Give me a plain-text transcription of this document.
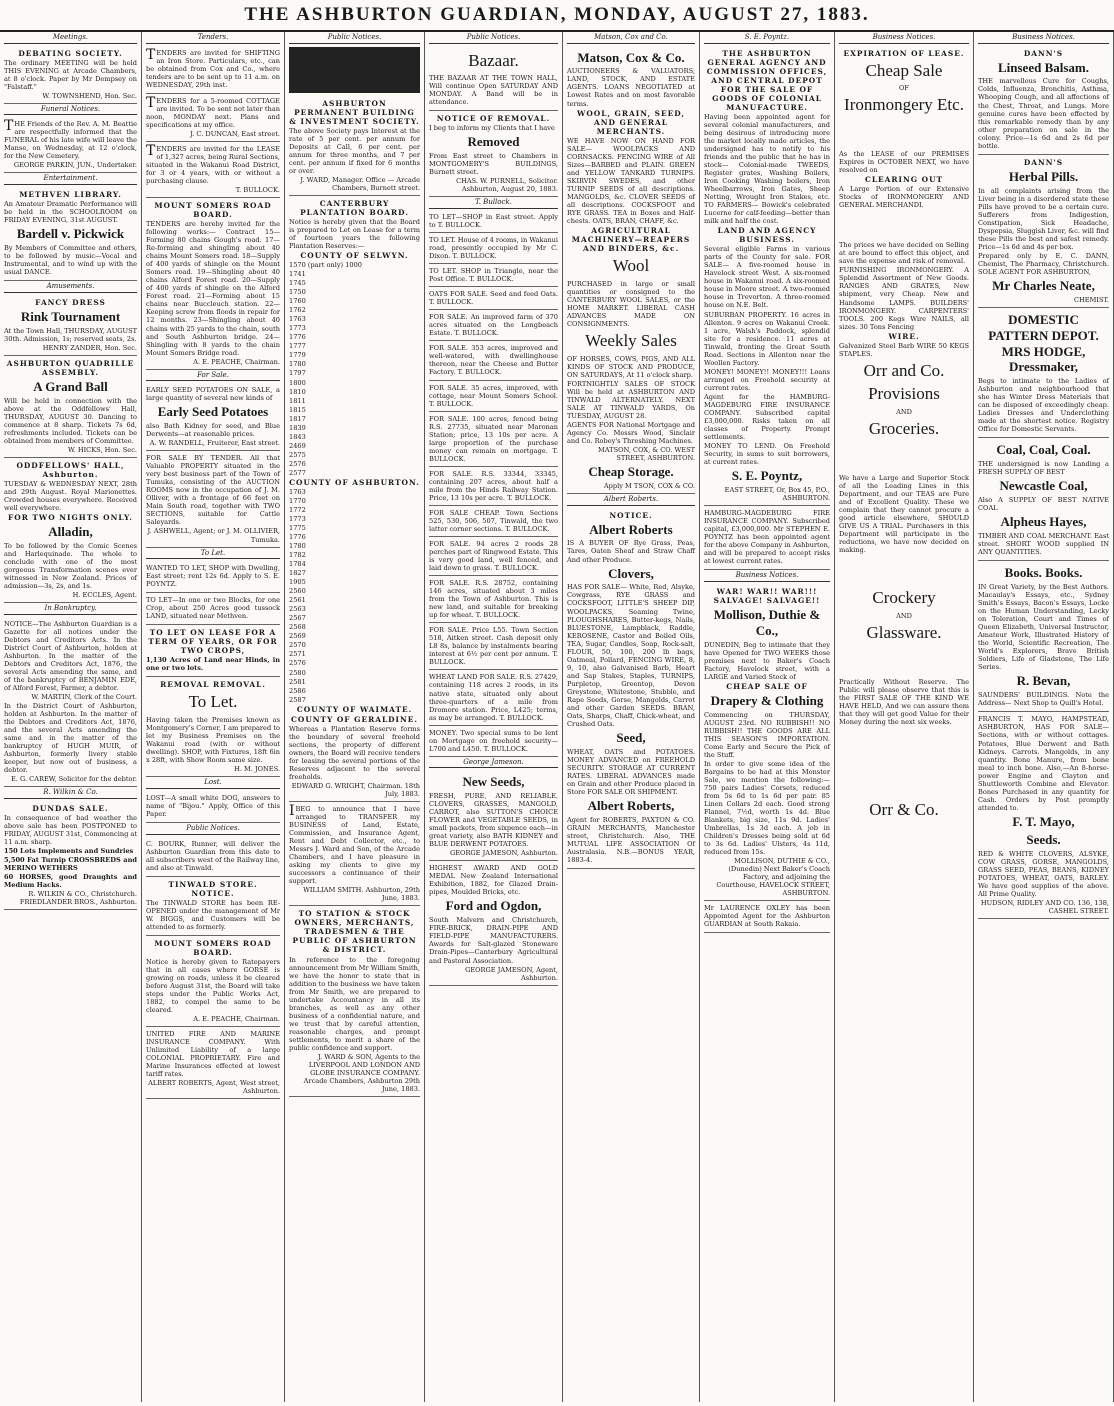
THE ASHBURTON GUARDIAN, MONDAY, AUGUST 27, 1883.
Meetings.
DEBATING SOCIETY.
The ordinary MEETING will be held THIS EVENING at Arcade Chambers, at 8 o'clock. Paper by Mr Dempsey on "Falstaff."
W. TOWNSHEND, Hon. Sec.
Funeral Notices.
THE Friends of the Rev. A. M. Beattie are respectfully informed that the FUNERAL of his late wife will leave the Manse, on Wednesday, at 12 o'clock, for the New Cemetery.
GEORGE PARKIN, JUN., Undertaker.
Entertainment.
METHVEN LIBRARY.
An Amateur Dramatic Performance will be held in the SCHOOLROOM on FRIDAY EVENING, 31st AUGUST.
Bardell v. Pickwick
By Members of Committee and others, to be followed by music—Vocal and Instrumental, and to wind up with the usual DANCE.
Amusements.
FANCY DRESS
Rink Tournament
At the Town Hall, THURSDAY, AUGUST 30th. Admission, 1s; reserved seats, 2s.
HENRY ZANDER, Hon. Sec.
ASHBURTON QUADRILLE ASSEMBLY.
A Grand Ball
Will be held in connection with the above at the Oddfellows' Hall, THURSDAY, AUGUST 30. Dancing to commence at 8 sharp. Tickets 7s 6d, refreshments included. Tickets can be obtained from members of Committee.
W. HICKS, Hon. Sec.
ODDFELLOWS' HALL, Ashburton.
TUESDAY & WEDNESDAY NEXT, 28th and 29th August. Royal Marionettes. Crowded houses everywhere. Received well everywhere.
FOR TWO NIGHTS ONLY.
Alladin,
To be followed by the Comic Scenes and Harlequinade. The whole to conclude with one of the most gorgeous Transformation scenes ever witnessed in New Zealand. Prices of admission—3s, 2s, and 1s.
H. ECCLES, Agent.
In Bankruptcy.
NOTICE—The Ashburton Guardian is a Gazette for all notices under the Debtors and Creditors Acts. In the District Court of Ashburton, holden at Ashburton. In the matter of the Debtors and Creditors Act, 1876, the several Acts amending the same, and of the bankruptcy of BENJAMIN EDE, of Alford Forest, Farmer, a debtor.
W. MARTIN, Clerk of the Court.
In the District Court of Ashburton, holden at Ashburton. In the matter of the Debtors and Creditors Act, 1876, and the several Acts amending the same and in the matter of the bankruptcy of HUGH MUIR, of Ashburton, formerly livery stable keeper, but now out of business, a debtor.
E. G. CAREW, Solicitor for the debtor.
R. Wilkin & Co.
DUNDAS SALE.
In consequence of bad weather the above sale has been POSTPONED to FRIDAY, AUGUST 31st, Commencing at 11 a.m. sharp.
150 Lots Implements and Sundries
5,500 Fat Turnip CROSSBREDS and MERINO WETHERS
60 HORSES, good Draughts and Medium Hacks.
R. WILKIN & CO., Christchurch. FRIEDLANDER BROS., Ashburton.
Tenders.
TENDERS are invited for SHIFTING an Iron Store. Particulars, etc., can be obtained from Cox and Co., where tenders are to be sent up to 11 a.m. on WEDNESDAY, 29th inst.
TENDERS for a 5-roomed COTTAGE are invited. To be sent not later than noon, MONDAY next. Plans and specifications at my office.
J. C. DUNCAN, East street.
TENDERS are invited for the LEASE of 1,327 acres, being Rural Sections, situated in the Wakanui Road District, for 3 or 4 years, with or without a purchasing clause.
T. BULLOCK.
MOUNT SOMERS ROAD BOARD.
TENDERS are hereby invited for the following works:— Contract 15—Forming 80 chains Gough's road. 17—Re-forming and shingling about 40 chains Mount Somers road. 18—Supply of 400 yards of shingle on the Mount Somers road. 19—Shingling about 40 chains Alford Forest road. 20—Supply of 400 yards of shingle on the Alford Forest road. 21—Forming about 15 chains near Buccleuch station. 22—Keeping screw from floods in repair for 12 months. 23—Shingling about 40 chains with 25 yards to the chain, south and South Ashburton bridge. 24—Shingling with 8 yards to the chain Mount Somers Bridge road.
A. E. PEACHE, Chairman.
For Sale.
EARLY SEED POTATOES ON SALE, a large quantity of several new kinds of
Early Seed Potatoes
also Bath Kidney for seed, and Blue Derwents—at reasonable prices.
A. W. RANDELL, Fruiterer, East street.
FOR SALE BY TENDER. All that Valuable PROPERTY situated in the very best business part of the Town of Tumuka, consisting of the AUCTION ROOMS now in the occupation of J. M. Olliver, with a frontage of 66 feet on Main South road, together with TWO SECTIONS, suitable for Cattle Saleyards.
J. ASHWELL, Agent; or J. M. OLLIVIER, Tumuka.
To Let.
WANTED TO LET, SHOP with Dwelling, East street; rent 12s 6d. Apply to S. E. POYNTZ.
TO LET—In one or two Blocks, for one Crop, about 250 Acres good tussock LAND, situated near Methven.
TO LET ON LEASE FOR A TERM OF YEARS, OR FOR TWO CROPS,
1,130 Acres of Land near Hinds, in one or two lots.
REMOVAL REMOVAL.
To Let.
Having taken the Premises known as Montgomery's Corner, I am prepared to let my Business Premises on the Wakanui road (with or without dwelling). SHOP, with Fixtures, 18ft 6in x 28ft, with Show Room same size.
H. M. JONES.
Lost.
LOST—A small white DOG, answers to name of "Bijou." Apply, Office of this Paper.
Public Notices.
C. BOURK, Runner, will deliver the Ashburton Guardian from this date to all subscribers west of the Railway line, and also at Tinwald.
TINWALD STORE. NOTICE.
The TINWALD STORE has been RE-OPENED under the management of Mr W. BIGGS, and Customers will be attended to as formerly.
MOUNT SOMERS ROAD BOARD.
Notice is hereby given to Ratepayers that in all cases where GORSE is growing on roads, unless it be cleared before August 31st, the Board will take steps under the Public Works Act, 1882, to compel the same to be cleared.
A. E. PEACHE, Chairman.
UNITED FIRE AND MARINE INSURANCE COMPANY. With Unlimited Liability of a large COLONIAL PROPRIETARY. Fire and Marine Insurances effected at lowest tariff rates.
ALBERT ROBERTS, Agent, West street, Ashburton.
Public Notices.
ASHBURTON PERMANENT BUILDING & INVESTMENT SOCIETY.
The above Society pays Interest at the rate of 5 per cent. per annum for Deposits at Call, 6 per cent. per annum for three months, and 7 per cent. per annum if fixed for 6 months or over.
J. WARD, Manager. Office — Arcade Chambers, Burnett street.
CANTERBURY PLANTATION BOARD.
Notice is hereby given that the Board is prepared to Let on Lease for a term of fourteen years the following Plantation Reserves:—
COUNTY OF SELWYN.
1570 (part only) 1000
1741
1745
1750
1760
1762
1763
1773
1776
1777
1779
1780
1797
1800
1810
1811
1815
1817
1839
1843
2469
2575
2576
2577
COUNTY OF ASHBURTON.
1763
1770
1772
1773
1775
1776
1780
1782
1784
1827
1905
2560
2561
2563
2567
2568
2569
2570
2571
2576
2580
2581
2586
2587
COUNTY OF WAIMATE.
COUNTY OF GERALDINE.
Whereas a Plantation Reserve forms the boundary of several freehold sections, the property of different owners, the Board will receive tenders for leasing the several portions of the Reserves adjacent to the several freeholds.
EDWARD G. WRIGHT, Chairman. 18th July, 1883.
IBEG to announce that I have arranged to TRANSFER my BUSINESS of Land, Estate, Commission, and Insurance Agent, Rent and Debt Collector, etc., to Messrs J. Ward and Son, of the Arcade Chambers, and I have pleasure in asking my clients to give my successors a continuance of their support.
WILLIAM SMITH. Ashburton, 29th June, 1883.
TO STATION & STOCK OWNERS, MERCHANTS, TRADESMEN & THE PUBLIC OF ASHBURTON & DISTRICT.
In reference to the foregoing announcement from Mr William Smith, we have the honor to state that in addition to the business we have taken from Mr Smith, we are prepared to undertake Accountancy in all its branches, as well as any other business of a confidential nature, and we trust that by careful attention, reasonable charges, and prompt settlements, to merit a share of the public confidence and support.
J. WARD & SON, Agents to the LIVERPOOL AND LONDON AND GLOBE INSURANCE COMPANY. Arcade Chambers, Ashburton 29th June, 1883.
Public Notices.
Bazaar.
THE BAZAAR AT THE TOWN HALL, Will continue Open SATURDAY AND MONDAY. A Band will be in attendance.
NOTICE OF REMOVAL.
I beg to inform my Clients that I have
Removed
From East street to Chambers in MONTGOMERY'S BUILDINGS, Burnett street.
CHAS. W. PURNELL, Solicitor. Ashburton, August 20, 1883.
T. Bullock.
TO LET—SHOP in East street. Apply to T. BULLOCK.
TO LET. House of 4 rooms, in Wakanui road, presently occupied by Mr C. Dixon. T. BULLOCK.
TO LET. SHOP in Triangle, near the Post Office. T. BULLOCK.
OATS FOR SALE. Seed and feed Oats. T. BULLOCK.
FOR SALE. An improved farm of 370 acres situated on the Longbeach Estate. T. BULLOCK.
FOR SALE. 353 acres, improved and well-watered, with dwellinghouse thereon, near the Cheese and Butter Factory. T. BULLOCK.
FOR SALE. 35 acres, improved, with cottage, near Mount Somers School. T. BULLOCK.
FOR SALE. 100 acres, fenced being R.S. 27735, situated near Maronan Station; price, 13 10s per acre. A large proportion of the purchase money can remain on mortgage. T. BULLOCK.
FOR SALE. R.S. 33344, 33345, containing 207 acres, about half a mile from the Hinds Railway Station. Price, 13 10s per acre. T. BULLOCK.
FOR SALE CHEAP. Town Sections 525, 530, 506, 507, Tinwald, the two latter corner sections. T. BULLOCK.
FOR SALE. 94 acres 2 roods 28 perches part of Ringwood Estate. This is very good land, well fenced, and laid down to grass. T. BULLOCK.
FOR SALE. R.S. 28752, containing 146 acres, situated about 3 miles from the Town of Ashburton. This is new land, and suitable for breaking up for wheat. T. BULLOCK.
FOR SALE. Price L55. Town Section 518, Aitken street. Cash deposit only L8 8s, balance by instalments bearing interest at 6½ per cent per annum. T. BULLOCK.
WHEAT LAND FOR SALE. R.S. 27429, containing 118 acres 2 roods, in its native state, situated only about three-quarters of a mile from Dromore station. Price, L425; terms, as may be arranged. T. BULLOCK.
MONEY. Two special sums to be lent on Mortgage on freehold security—L700 and L450. T. BULLOCK.
George Jameson.
New Seeds,
FRESH, PURE, AND RELIABLE. CLOVERS, GRASSES, MANGOLD, CARROT, also SUTTON'S CHOICE FLOWER and VEGETABLE SEEDS, in small packets, from sixpence each—in great variety, also BATH KIDNEY and BLUE DERWENT POTATOES.
GEORGE JAMESON, Ashburton.
HIGHEST AWARD AND GOLD MEDAL New Zealand International Exhibition, 1882, for Glazed Drain-pipes, Moulded Bricks, etc.
Ford and Ogdon,
South Malvern and Christchurch, FIRE-BRICK, DRAIN-PIPE AND FIELD-PIPE MANUFACTURERS. Awards for Salt-glazed Stoneware Drain-Pipes—Canterbury Agricultural and Pastoral Association.
GEORGE JAMESON, Agent, Ashburton.
Matson, Cox and Co.
Matson, Cox & Co.
AUCTIONEERS & VALUATORS, LAND, STOCK, AND ESTATE AGENTS. LOANS NEGOTIATED at Lowest Rates and on most favorable terms.
WOOL, GRAIN, SEED, AND GENERAL MERCHANTS.
WE HAVE NOW ON HAND FOR SALE— WOOLPACKS AND CORNSACKS. FENCING WIRE of All Sizes—BARBED and PLAIN. GREEN and YELLOW TANKARD TURNIPS. SKIRVIN SWEDES, and other TURNIP SEEDS of all descriptions. MANGOLDS, &c. CLOVER SEEDS of all descriptions. COCKSFOOT and RYE GRASS. TEA in Boxes and Half-chests. OATS, BRAN, CHAFF, &c.
AGRICULTURAL MACHINERY—REAPERS AND BINDERS, &c.
Wool
PURCHASED in large or small quantities or consigned to the CANTERBURY WOOL SALES, or the HOME MARKET. LIBERAL CASH ADVANCES MADE ON CONSIGNMENTS.
Weekly Sales
OF HORSES, COWS, PIGS, AND ALL KINDS OF STOCK AND PRODUCE, ON SATURDAYS, At 11 o'clock sharp.
FORTNIGHTLY SALES OF STOCK Will be held at ASHBURTON AND TINWALD ALTERNATELY. NEXT SALE AT TINWALD YARDS, On TUESDAY, AUGUST 28.
AGENTS FOR National Mortgage and Agency Co. Messrs Wood, Sinclair and Co. Robey's Threshing Machines.
MATSON, COX, & CO. WEST STREET, ASHBURTON.
Cheap Storage.
Apply M TSON, COX & CO.
Albert Roberts.
NOTICE.
Albert Roberts
IS A BUYER OF Rye Grass, Peas, Tares, Oaten Sheaf and Straw Chaff And other Produce.
Clovers,
HAS FOR SALE— White, Red, Alsyke, Cowgrass, RYE GRASS and COCKSFOOT, LITTLE'S SHEEP DIP, WOOLPACKS, Seaming Twine, PLOUGHSHARES, Butter-kegs, Nails, BLUESTONE, Lampblack, Raddle, KEROSENE, Castor and Boiled Oils, TEA, Sugar, Candles, Soap, Rock-salt, FLOUR, 50, 100, 200 lb bags, Oatmeal, Pollard, FENCING WIRE, 8, 9, 10, also Galvanised Barb, Heart and Sap Stakes, Staples, TURNIPS, Purpletop, Greentop, Devon Greystone, Whitestone, Stubble, and Rape Seeds, Gorse, Mangolds, Carrot and other Garden SEEDS. BRAN, Oats, Sharps, Chaff, Chick-wheat, and Crushed Oats.
Seed,
WHEAT, OATS and POTATOES. MONEY ADVANCED on FREEHOLD SECURITY. STORAGE AT CURRENT RATES. LIBERAL ADVANCES made on Grain and other Produce placed in Store FOR SALE OR SHIPMENT.
Albert Roberts,
Agent for ROBERTS, PAXTON & CO. GRAIN MERCHANTS, Manchester street, Christchurch. Also, THE MUTUAL LIFE ASSOCIATION Of Australasia. N.B.—BONUS YEAR, 1883-4.
S. E. Poyntz.
THE ASHBURTON GENERAL AGENCY AND COMMISSION OFFICES, AND CENTRAL DEPOT FOR THE SALE OF GOODS OF COLONIAL MANUFACTURE.
Having been appointed agent for several colonial manufacturers, and being desirous of introducing more the market locally made articles, the undersigned has to notify to his friends and the public that he has in stock— Colonial-made TWEEDS, Register grates, Washing Boilers, Iron Cooking Washing boilers, Iron Wheelbarrows, Iron Gates, Sheep Netting, Wrought Iron Stakes, etc. TO FARMERS— Bowick's celebrated Lucerne for calf-feeding—better than milk and half the cost.
LAND AND AGENCY BUSINESS.
Several eligible Farms in various parts of the County for sale. FOR SALE— A five-roomed house in Havelock street West. A six-roomed house in Wakanui road. A six-roomed house in Moore street. A two-roomed house in Trevorton. A three-roomed house on N.E. Belt.
SUBURBAN PROPERTY. 16 acres in Allenton. 9 acres on Wakanui Creek. 1 acre, Walsh's Paddock, splendid site for a residence. 11 acres at Tinwald, fronting the Great South Road. Sections in Allenton near the Woollen Factory.
MONEY! MONEY!! MONEY!!! Loans arranged on Freehold security at current rates.
Agent for the HAMBURG-MAGDEBURG FIRE INSURANCE COMPANY. Subscribed capital £3,000,000. Risks taken on all classes of Property. Prompt settlements.
MONEY TO LEND. On Freehold Security, in sums to suit borrowers, at current rates.
S. E. Poyntz,
EAST STREET, Or, Box 45, P.O., ASHBURTON.
HAMBURG-MAGDEBURG FIRE INSURANCE COMPANY. Subscribed capital, £3,000,000. Mr STEPHEN E. POYNTZ has been appointed agent for the above Company in Ashburton, and will be prepared to accept risks at lowest current rates.
Business Notices.
WAR! WAR!! WAR!!! SALVAGE! SALVAGE!!
Mollison, Duthie & Co.,
DUNEDIN, Beg to intimate that they have Opened for TWO WEEKS those premises next to Baker's Coach Factory, Havelock street, with a LARGE and Varied Stock of
CHEAP SALE OF
Drapery & Clothing
Commencing on THURSDAY, AUGUST 23rd. NO RUBBISH!! NO RUBBISH!! THE GOODS ARE ALL THIS SEASON'S IMPORTATION. Come Early and Secure the Pick of the Stuff.
In order to give some idea of the Bargains to be had at this Monster Sale, we mention the following:— 750 pairs Ladies' Corsets, reduced from 5s 6d to 1s 6d per pair. 85 Linen Collars 2d each. Good strong Flannel, 7½d, worth 1s 4d. Blue Blankets, big size, 11s 9d. Ladies' Umbrellas, 1s 3d each. A job in Children's Dresses being sold at 6d to 3s 6d. Ladies' Ulsters, 4s 11d, reduced from 15s.
MOLLISON, DUTHIE & CO., (Dunedin) Next Baker's Coach Factory, and adjoining the Courthouse, HAVELOCK STREET, ASHBURTON.
Mr LAURENCE OXLEY has been Appointed Agent for the Ashburton GUARDIAN at South Rakaia.
Business Notices.
EXPIRATION OF LEASE.
Cheap Sale
OF
Ironmongery Etc.
As the LEASE of our PREMISES Expires in OCTOBER NEXT, we have resolved on
CLEARING OUT
A Large Portion of our Extensive Stocks of IRONMONGERY AND GENERAL MERCHANDI.
The prices we have decided on Selling at are bound to effect this object, and save the expense and risk of removal.
FURNISHING IRONMONGERY. A Splendid Assortment of New Goods. RANGES AND GRATES, New shipment, very Cheap. New and Handsome LAMPS. BUILDERS' IRONMONGERY. CARPENTERS' TOOLS. 200 Kegs Wire NAILS, all sizes. 30 Tons Fencing
WIRE.
Galvanized Steel Barb WIRE 50 KEGS STAPLES.
Orr and Co.
Provisions
AND
Groceries.
We have a Large and Superior Stock of all the Leading Lines in this Department, and our TEAS are Pure and of Excellent Quality. These we complain that they cannot procure a good article elsewhere, SHOULD GIVE US A TRIAL. Purchasers in this Department will participate in the reductions, we have now decided on making.
Crockery
AND
Glassware.
Practically Without Reserve. The Public will please observe that this is the FIRST SALE OF THE KIND WE HAVE HELD, And we can assure them that they will get good Value for their Money during the next six weeks.
Orr & Co.
Business Notices.
DANN'S
Linseed Balsam.
THE marvellous Cure for Coughs, Colds, Influenza, Bronchitis, Asthma, Whooping Cough, and all affections of the Chest, Throat, and Lungs. More genuine cures have been effected by this remarkable remedy than by any other preparation on sale in the colony. Price—1s 6d and 2s 6d per bottle.
DANN'S
Herbal Pills.
In all complaints arising from the Liver being in a disordered state these Pills have proved to be a certain cure. Sufferers from Indigestion, Constipation, Sick Headache, Dyspepsia, Sluggish Liver, &c. will find these Pills the best and safest remedy. Price—1s 6d and 4s per box.
Prepared only by E. C. DANN, Chemist, The Pharmacy, Christchurch. SOLE AGENT FOR ASHBURTON,
Mr Charles Neate,
CHEMIST.
DOMESTIC PATTERN DEPOT. MRS HODGE, Dressmaker,
Begs to intimate to the Ladies of Ashburton and neighbourhood that she has Winter Dress Materials that can be disposed of exceedingly cheap. Ladies Dresses and Underclothing made at the shortest notice. Registry Office for Domestic Servants.
Coal, Coal, Coal.
THE undersigned is now Landing a FRESH SUPPLY OF BEST
Newcastle Coal,
Also A SUPPLY OF BEST NATIVE COAL
Alpheus Hayes,
TIMBER AND COAL MERCHANT. East street. SHORT WOOD supplied IN ANY QUANTITIES.
Books. Books.
IN Great Variety, by the Best Authors. Macaulay's Essays, etc., Sydney Smith's Essays, Bacon's Essays, Locke on the Human Understanding, Lecky on Toleration, Court and Times of Queen Elizabeth, Universal Instructor, Amateur Work, Illustrated History of the World, Scientific Recreation, The World's Explorers, Brave British Soldiers, Life of Gladstone, The Life Series.
R. Bevan,
SAUNDERS' BUILDINGS. Note the Address— Next Shop to Quill's Hotel.
FRANCIS T. MAYO, HAMPSTEAD, ASHBURTON, HAS FOR SALE— Sections, with or without cottages. Potatoes, Blue Derwent and Bath Kidneys. Carrots. Mangolds, in any quantity. Bone Manure, from bone meal to inch bone. Also,—An 8-horse-power Engine and Clayton and Shuttleworth Combine and Elevator. Bones Purchased in any quantity for Cash. Orders by Post promptly attended to.
F. T. Mayo,
Seeds.
RED & WHITE CLOVERS, ALSYKE, COW GRASS, GORSE, MANGOLDS, GRASS SEED, PEAS, BEANS, KIDNEY POTATOES, WHEAT, OATS, BARLEY. We have good supplies of the above. All Prime Quality.
HUDSON, RIDLEY AND CO. 136, 138, CASHEL STREET.
